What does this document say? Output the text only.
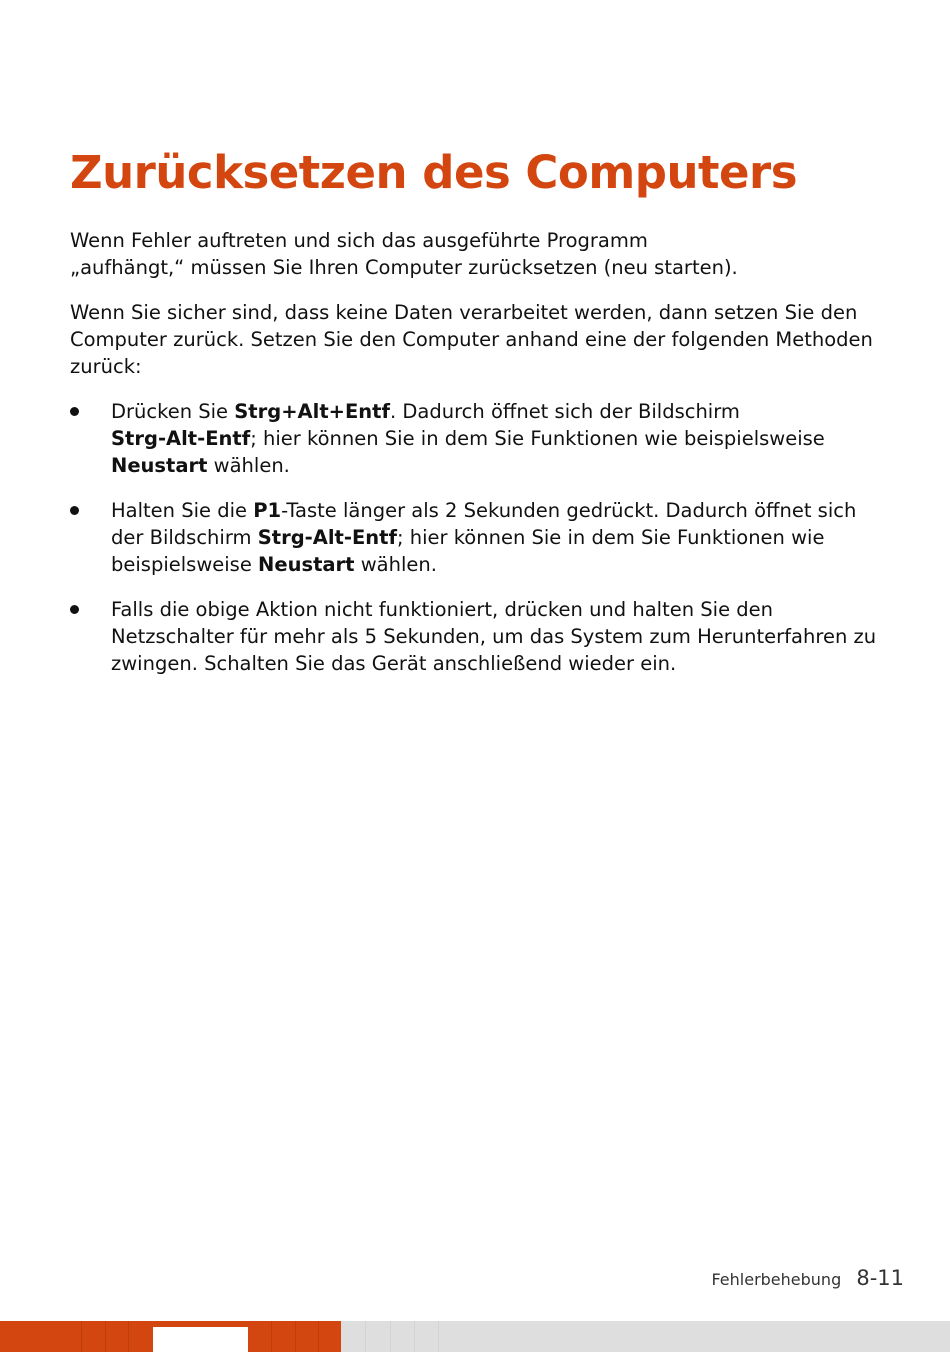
Zurücksetzen des Computers

Wenn Fehler auftreten und sich das ausgeführte Programm
„aufhängt,“ müssen Sie Ihren Computer zurücksetzen (neu starten).

Wenn Sie sicher sind, dass keine Daten verarbeitet werden, dann setzen Sie den Computer zurück. Setzen Sie den Computer anhand eine der folgenden Methoden zurück:

Drücken Sie Strg+Alt+Entf. Dadurch öffnet sich der Bildschirm
Strg-Alt-Entf; hier können Sie in dem Sie Funktionen wie beispielsweise
Neustart wählen.
Halten Sie die P1-Taste länger als 2 Sekunden gedrückt. Dadurch öffnet sich der Bildschirm Strg-Alt-Entf; hier können Sie in dem Sie Funktionen wie beispielsweise Neustart wählen.
Falls die obige Aktion nicht funktioniert, drücken und halten Sie den Netzschalter für mehr als 5 Sekunden, um das System zum Herunterfahren zu zwingen. Schalten Sie das Gerät anschließend wieder ein.
Fehlerbehebung 8-11
